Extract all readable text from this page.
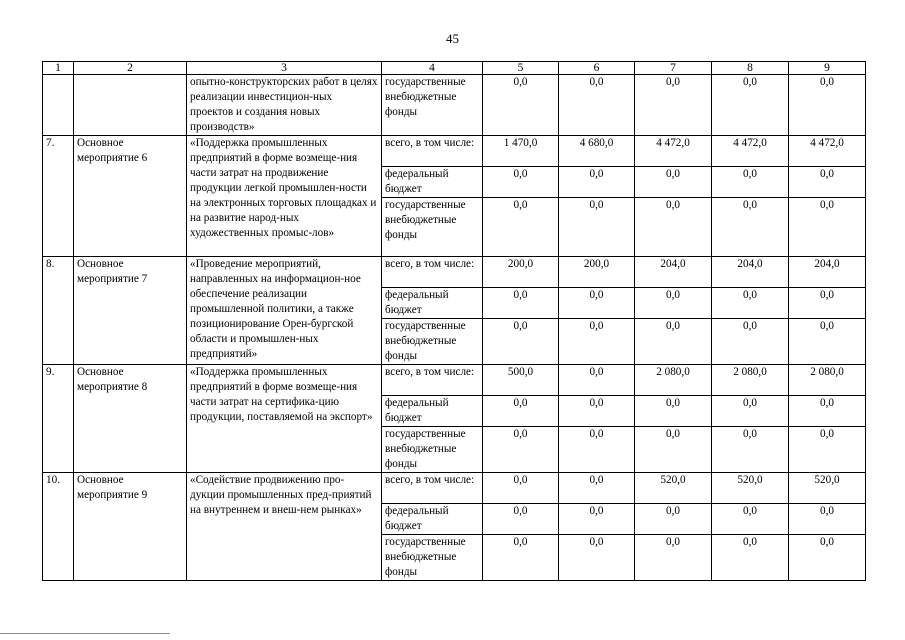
45
1	2	3	4	5	6	7	8	9
		опытно-конструкторских работ в целях реализации инвестицион-ных проектов и создания новых производств»	государственные внебюджетные фонды	0,0	0,0	0,0	0,0	0,0
7.	Основное мероприятие 6	«Поддержка промышленных предприятий в форме возмеще-ния части затрат на продвижение продукции легкой промышлен-ности на электронных торговых площадках и на развитие народ-ных художественных промыс-лов»	всего, в том числе:	1 470,0	4 680,0	4 472,0	4 472,0	4 472,0
			федеральный бюджет	0,0	0,0	0,0	0,0	0,0
			государственные внебюджетные фонды	0,0	0,0	0,0	0,0	0,0
8.	Основное мероприятие 7	«Проведение мероприятий, направленных на информацион-ное обеспечение реализации промышленной политики, а также позиционирование Орен-бургской области и промышлен-ных предприятий»	всего, в том числе:	200,0	200,0	204,0	204,0	204,0
			федеральный бюджет	0,0	0,0	0,0	0,0	0,0
			государственные внебюджетные фонды	0,0	0,0	0,0	0,0	0,0
9.	Основное мероприятие 8	«Поддержка промышленных предприятий в форме возмеще-ния части затрат на сертифика-цию продукции, поставляемой на экспорт»	всего, в том числе:	500,0	0,0	2 080,0	2 080,0	2 080,0
			федеральный бюджет	0,0	0,0	0,0	0,0	0,0
			государственные внебюджетные фонды	0,0	0,0	0,0	0,0	0,0
10.	Основное мероприятие 9	«Содействие продвижению про-дукции промышленных пред-приятий на внутреннем и внеш-нем рынках»	всего, в том числе:	0,0	0,0	520,0	520,0	520,0
			федеральный бюджет	0,0	0,0	0,0	0,0	0,0
			государственные внебюджетные фонды	0,0	0,0	0,0	0,0	0,0
